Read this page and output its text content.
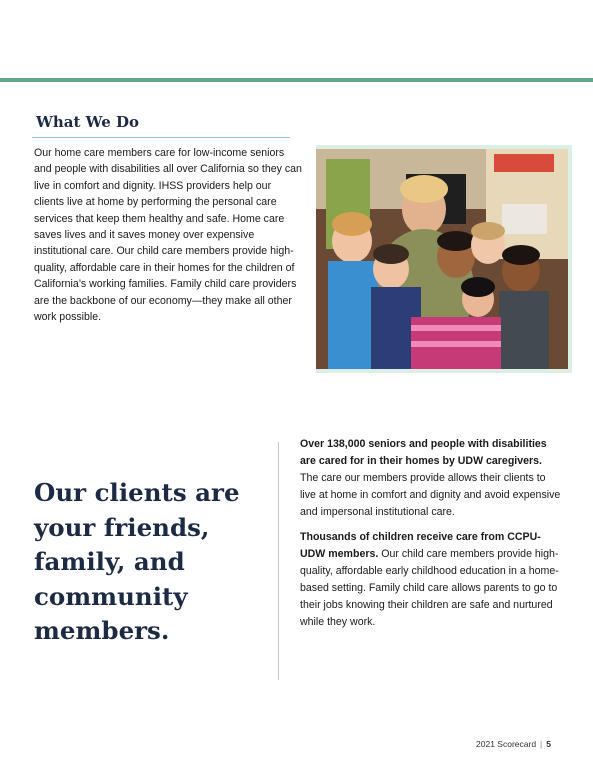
What We Do

Our home care members care for low-income seniors and people with disabilities all over California so they can live in comfort and dignity. IHSS providers help our clients live at home by performing the personal care services that keep them healthy and safe. Home care saves lives and it saves money over expensive institutional care. Our child care members provide high-quality, affordable care in their homes for the children of California’s working families. Family child care providers are the backbone of our economy—they make all other work possible.

Our clients are your friends, family, and community members.

Over 138,000 seniors and people with disabilities are cared for in their homes by UDW caregivers. The care our members provide allows their clients to live at home in comfort and dignity and avoid expensive and impersonal institutional care.

Thousands of children receive care from CCPU-UDW members. Our child care members provide high-quality, affordable early childhood education in a home-based setting. Family child care allows parents to go to their jobs knowing their children are safe and nurtured while they work.

2021 Scorecard | 5
